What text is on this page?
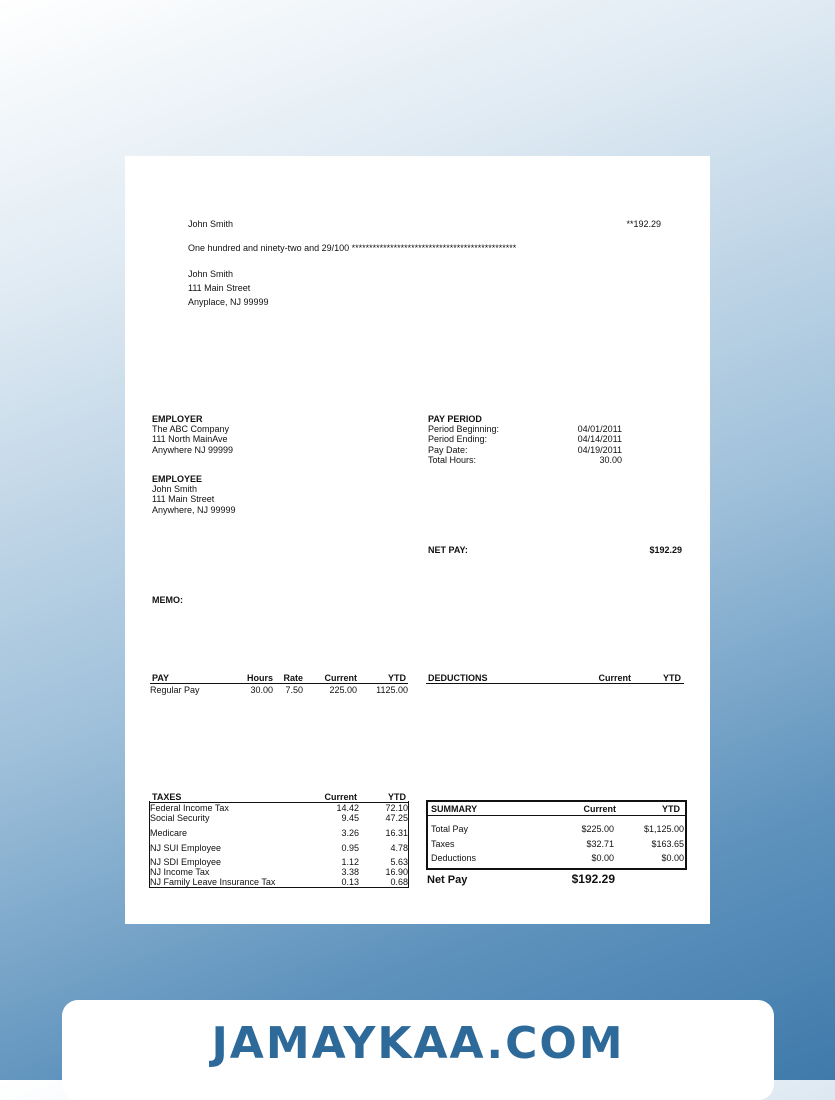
John Smith	**192.29
One hundred and ninety-two and 29/100 ***********************************************
John Smith
111 Main Street
Anyplace, NJ 99999
EMPLOYER
The ABC Company
111 North MainAve
Anywhere NJ 99999
EMPLOYEE
John Smith
111 Main Street
Anywhere, NJ 99999
PAY PERIOD
Period Beginning:	04/01/2011
Period Ending:	04/14/2011
Pay Date:	04/19/2011
Total Hours:	30.00
NET PAY:	$192.29
MEMO:
PAY	Hours	Rate	Current	YTD
Regular Pay	30.00	7.50	225.00	1125.00
DEDUCTIONS	Current	YTD
TAXES	Current	YTD
Federal Income Tax	14.42	72.10
Social Security	9.45	47.25
Medicare	3.26	16.31
NJ SUI Employee	0.95	4.78
NJ SDI Employee	1.12	5.63
NJ Income Tax	3.38	16.90
NJ Family Leave Insurance Tax	0.13	0.68
SUMMARY	Current	YTD
Total Pay	$225.00	$1,125.00
Taxes	$32.71	$163.65
Deductions	$0.00	$0.00
Net Pay	$192.29
JAMAYKAA.COM
